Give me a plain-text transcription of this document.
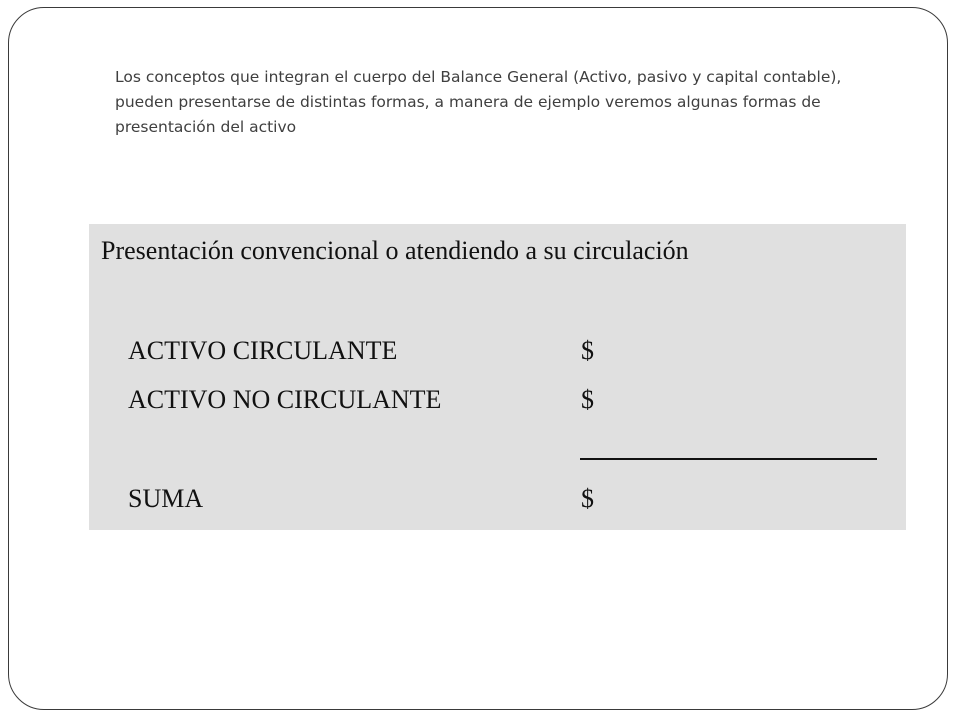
Los conceptos que integran el cuerpo del Balance General (Activo, pasivo y capital contable), pueden presentarse de distintas formas, a manera de ejemplo veremos algunas formas de presentación del activo

Presentación convencional o atendiendo a su circulación
ACTIVO CIRCULANTE	$
ACTIVO NO CIRCULANTE	$
SUMA	$
